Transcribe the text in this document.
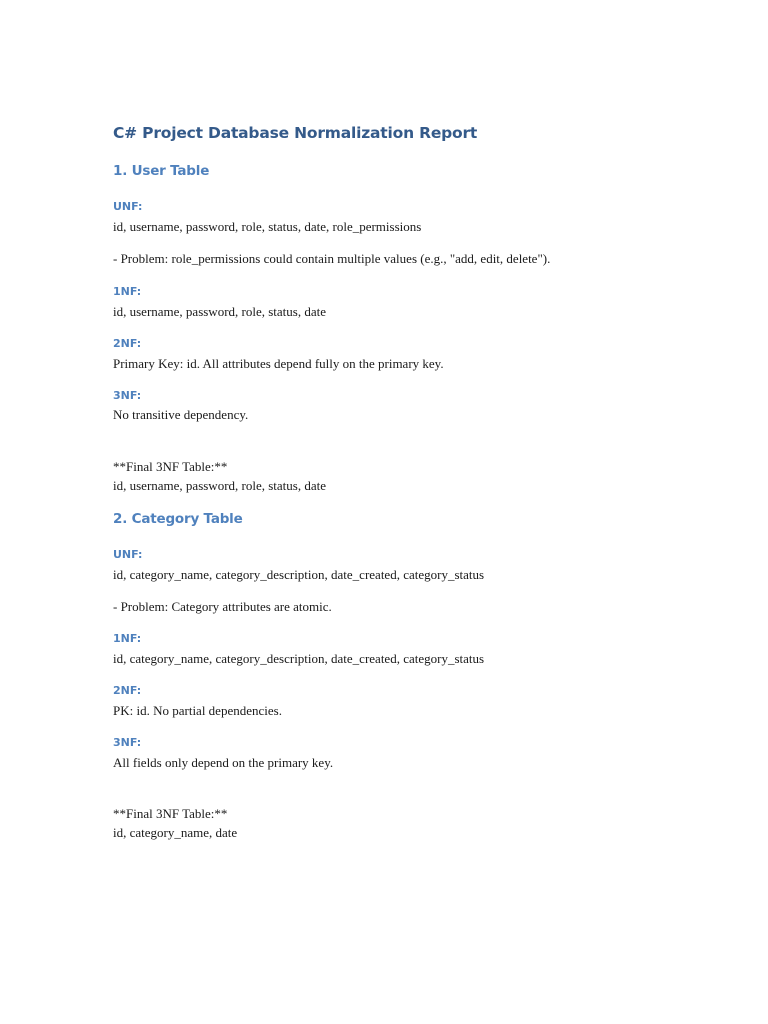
C# Project Database Normalization Report
1. User Table

UNF:

id, username, password, role, status, date, role_permissions

- Problem: role_permissions could contain multiple values (e.g., "add, edit, delete").

1NF:

id, username, password, role, status, date

2NF:

Primary Key: id. All attributes depend fully on the primary key.

3NF:

No transitive dependency.

**Final 3NF Table:**

id, username, password, role, status, date

2. Category Table

UNF:

id, category_name, category_description, date_created, category_status

- Problem: Category attributes are atomic.

1NF:

id, category_name, category_description, date_created, category_status

2NF:

PK: id. No partial dependencies.

3NF:

All fields only depend on the primary key.

**Final 3NF Table:**

id, category_name, date
